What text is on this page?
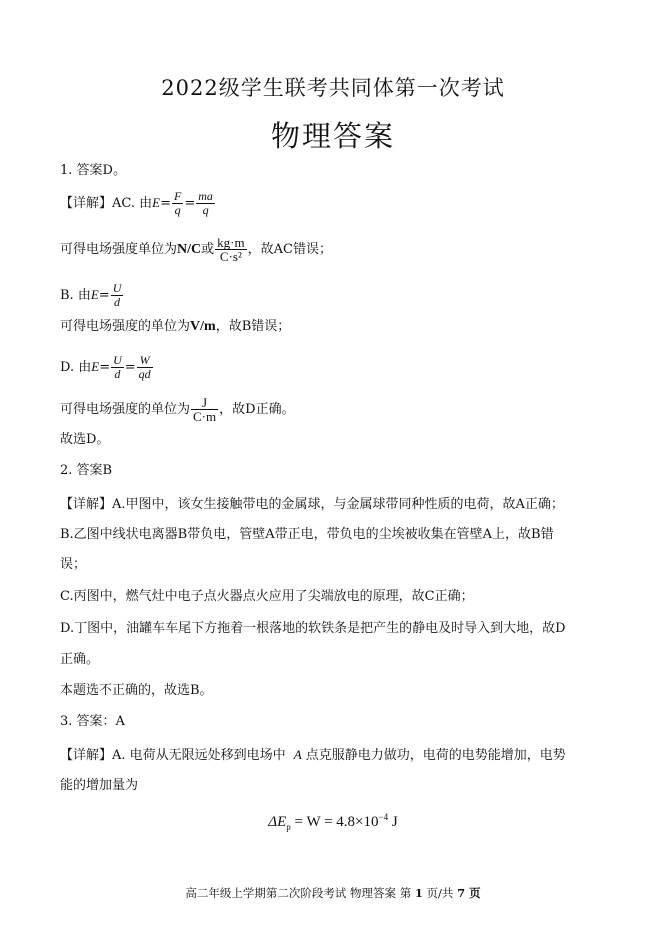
2022级学生联考共同体第一次考试
物理答案
1. 答案D。
【详解】AC. 由$E= \frac{F}{q} = \frac{ma}{q}$
可得电场强度单位为N/C或 $\frac{kg\cdot m}{\text{C·s²}}$ ，故AC错误；
B. 由$E= \frac{U}{d}$
可得电场强度的单位为V/m，故B错误；
D. 由$E= \frac{U}{d} = \frac{W}{qd}$
可得电场强度的单位为 $\frac{J}{C\cdot m}$ ，故D正确。
故选D。
2. 答案B
【详解】A.甲图中，该女生接触带电的金属球，与金属球带同种性质的电荷，故A正确；
B.乙图中线状电离器B带负电，管壁A带正电，带负电的尘埃被收集在管壁A上，故B错
误；
C.丙图中，燃气灶中电子点火器点火应用了尖端放电的原理，故C正确；
D.丁图中，油罐车车尾下方拖着一根落地的软铁条是把产生的静电及时导入到大地，故D
正确。
本题选不正确的，故选B。
3. 答案：A
【详解】A. 电荷从无限远处移到电场中 A 点克服静电力做功，电荷的电势能增加，电势
能的增加量为
$\Delta E_p = W = 4.8\times 10^{-4}$ J
高二年级上学期第二次阶段考试 物理答案 第 1 页/共 7 页
